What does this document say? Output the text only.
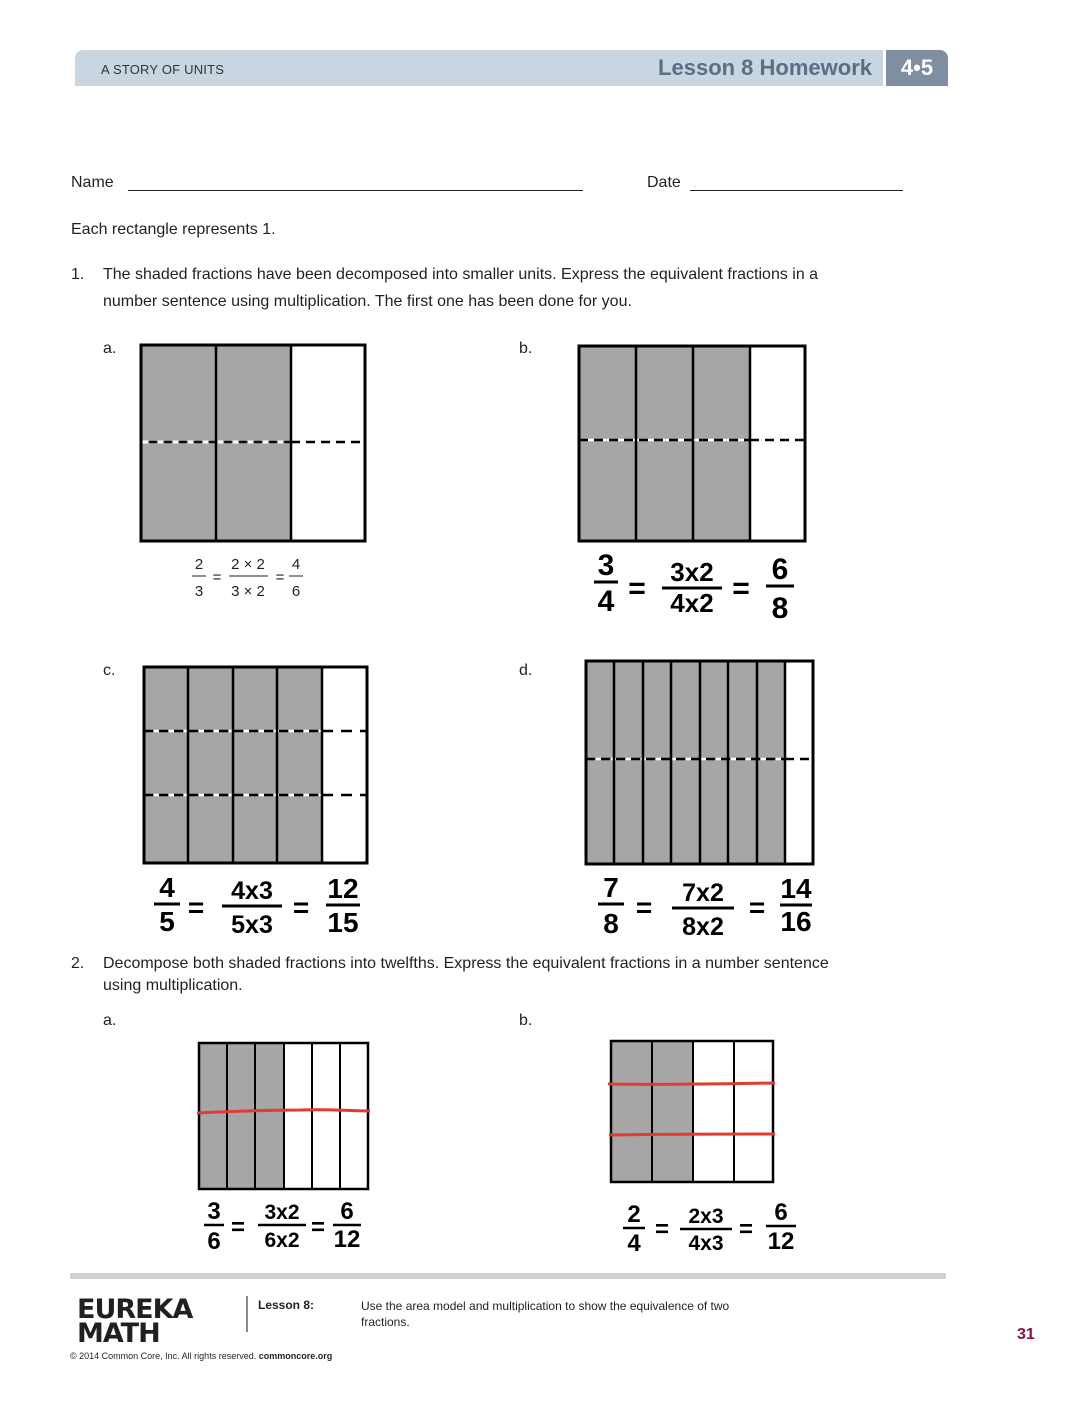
A STORY OF UNITS	Lesson 8 Homework	4•5
Name	Date
Each rectangle represents 1.
1. The shaded fractions have been decomposed into smaller units. Express the equivalent fractions in a
number sentence using multiplication. The first one has been done for you.
a.	b.
c.	d.
2
3
=
2 × 2
3 × 2
=
4
6
3
4 = 3x2
4x2 =
6
8
4
5 =
4x3
5x3
=
12
15
7
8
= 7x2
8x2
=
14
16
3
6
=
3x2
6x2 =
6
12
2
4
= 2x3
4x3
=
6
12
2. Decompose both shaded fractions into twelfths. Express the equivalent fractions in a number sentence
using multiplication.
a.	b.
EUREKA
MATH
Lesson 8:	Use the area model and multiplication to show the equivalence of two fractions.
© 2014 Common Core, Inc. All rights reserved. commoncore.org
31
